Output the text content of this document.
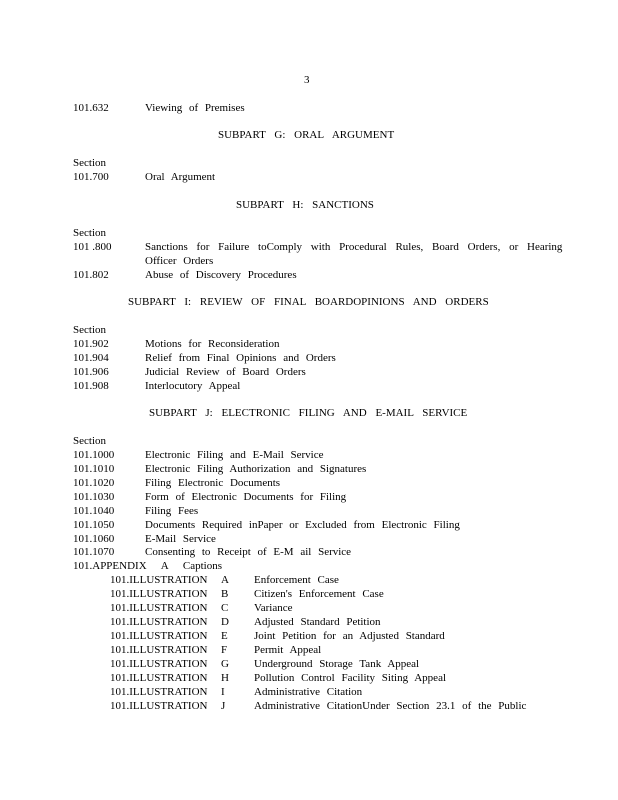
3
101.632	Viewing of Premises
SUBPART G: ORAL ARGUMENT
Section
101.700	Oral Argument
SUBPART H: SANCTIONS
Section
101 .800	Sanctions for Failure toComply with Procedural Rules, Board Orders, or Hearing
Officer Orders
101.802	Abuse of Discovery Procedures
SUBPART I: REVIEW OF FINAL BOARDOPINIONS AND ORDERS
Section
101.902	Motions for Reconsideration
101.904	Relief from Final Opinions and Orders
101.906	Judicial Review of Board Orders
101.908	Interlocutory Appeal
SUBPART J: ELECTRONIC FILING AND E-MAIL SERVICE
Section
101.1000	Electronic Filing and E-Mail Service
101.1010	Electronic Filing Authorization and Signatures
101.1020	Filing Electronic Documents
101.1030	Form of Electronic Documents for Filing
101.1040	Filing Fees
101.1050	Documents Required inPaper or Excluded from Electronic Filing
101.1060	E-Mail Service
101.1070	Consenting to Receipt of E-M ail Service
101.APPENDIX A Captions
101.ILLUSTRATION A Enforcement Case
101.ILLUSTRATION B Citizen's Enforcement Case
101.ILLUSTRATION C Variance
101.ILLUSTRATION D Adjusted Standard Petition
101.ILLUSTRATION E Joint Petition for an Adjusted Standard
101.ILLUSTRATION F Permit Appeal
101.ILLUSTRATION G Underground Storage Tank Appeal
101.ILLUSTRATION H Pollution Control Facility Siting Appeal
101.ILLUSTRATION I	Administrative Citation
101.ILLUSTRATION J	Administrative CitationUnder Section 23.1 of the Public
